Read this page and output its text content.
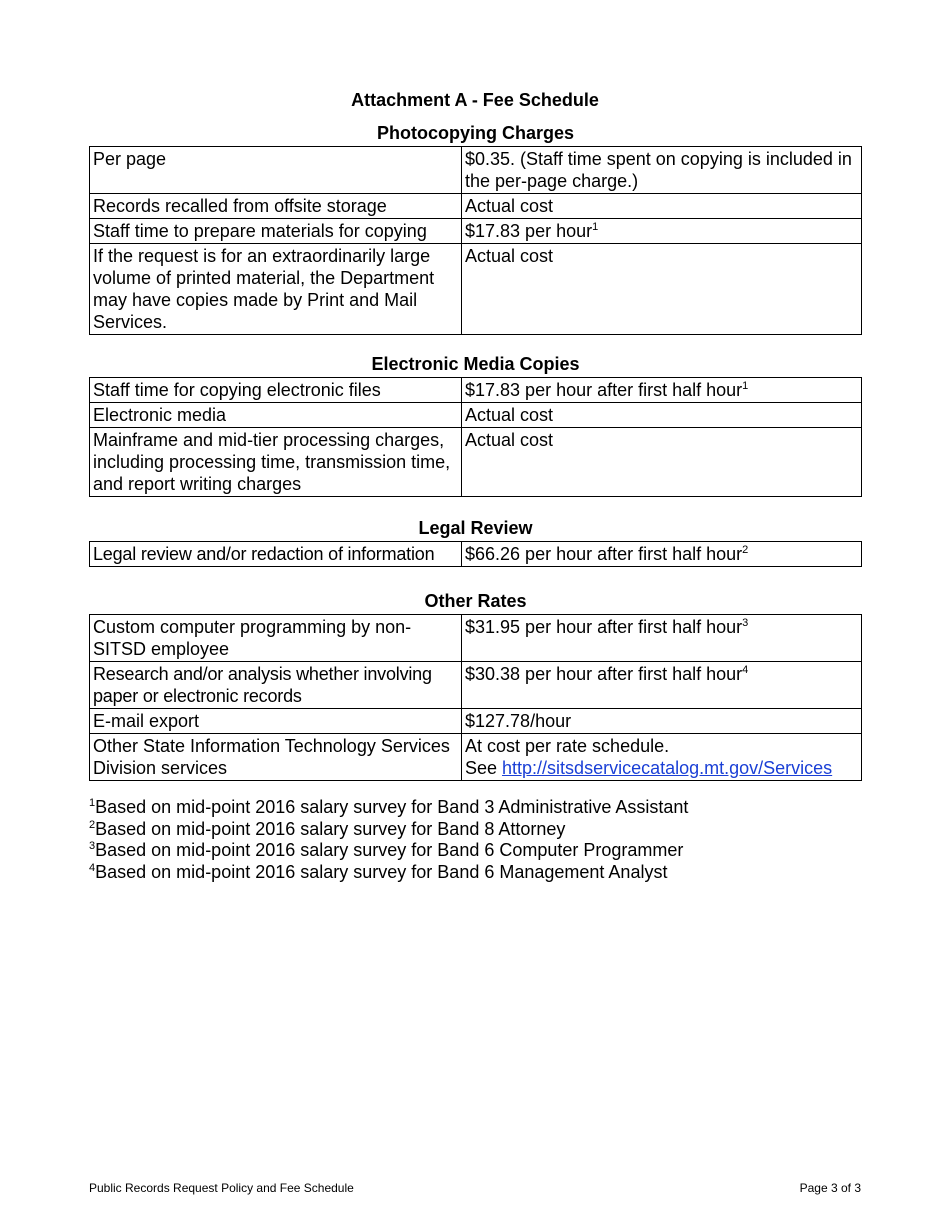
Attachment A - Fee Schedule
Photocopying Charges
Per page	$0.35. (Staff time spent on copying is included in the per-page charge.)
Records recalled from offsite storage	Actual cost
Staff time to prepare materials for copying	$17.83 per hour$^1$
If the request is for an extraordinarily large volume of printed material, the Department may have copies made by Print and Mail Services.	Actual cost
Electronic Media Copies
Staff time for copying electronic files	$17.83 per hour after first half hour$^1$
Electronic media	Actual cost
Mainframe and mid-tier processing charges, including processing time, transmission time, and report writing charges	Actual cost
Legal Review
Legal review and/or redaction of information	$66.26 per hour after first half hour$^2$
Other Rates
Custom computer programming by non-SITSD employee	$31.95 per hour after first half hour$^3$
Research and/or analysis whether involving paper or electronic records	$30.38 per hour after first half hour$^4$
E-mail export	$127.78/hour
Other State Information Technology Services Division services	At cost per rate schedule.
See http://sitsdservicecatalog.mt.gov/Services
$^1$Based on mid-point 2016 salary survey for Band 3 Administrative Assistant
$^2$Based on mid-point 2016 salary survey for Band 8 Attorney
$^3$Based on mid-point 2016 salary survey for Band 6 Computer Programmer
$^4$Based on mid-point 2016 salary survey for Band 6 Management Analyst
Public Records Request Policy and Fee Schedule	Page 3 of 3
